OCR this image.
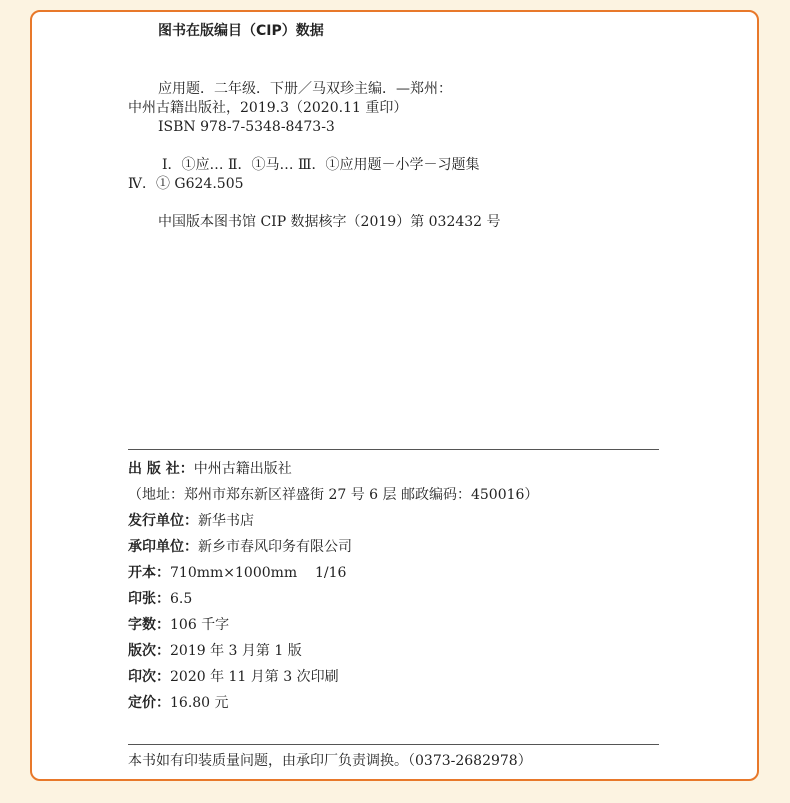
图书在版编目（CIP）数据
应用题．二年级．下册／马双珍主编．—郑州：
中州古籍出版社，2019.3（2020.11 重印）
ISBN 978-7-5348-8473-3
Ⅰ．①应… Ⅱ．①马… Ⅲ．①应用题－小学－习题集
Ⅳ．① G624.505
中国版本图书馆 CIP 数据核字（2019）第 032432 号
出 版 社：中州古籍出版社
（地址：郑州市郑东新区祥盛街 27 号 6 层 邮政编码：450016）
发行单位：新华书店
承印单位：新乡市春风印务有限公司
开本：710mm×1000mm    1/16
印张：6.5
字数：106 千字
版次：2019 年 3 月第 1 版
印次：2020 年 11 月第 3 次印刷
定价：16.80 元
本书如有印装质量问题，由承印厂负责调换。（0373-2682978）
